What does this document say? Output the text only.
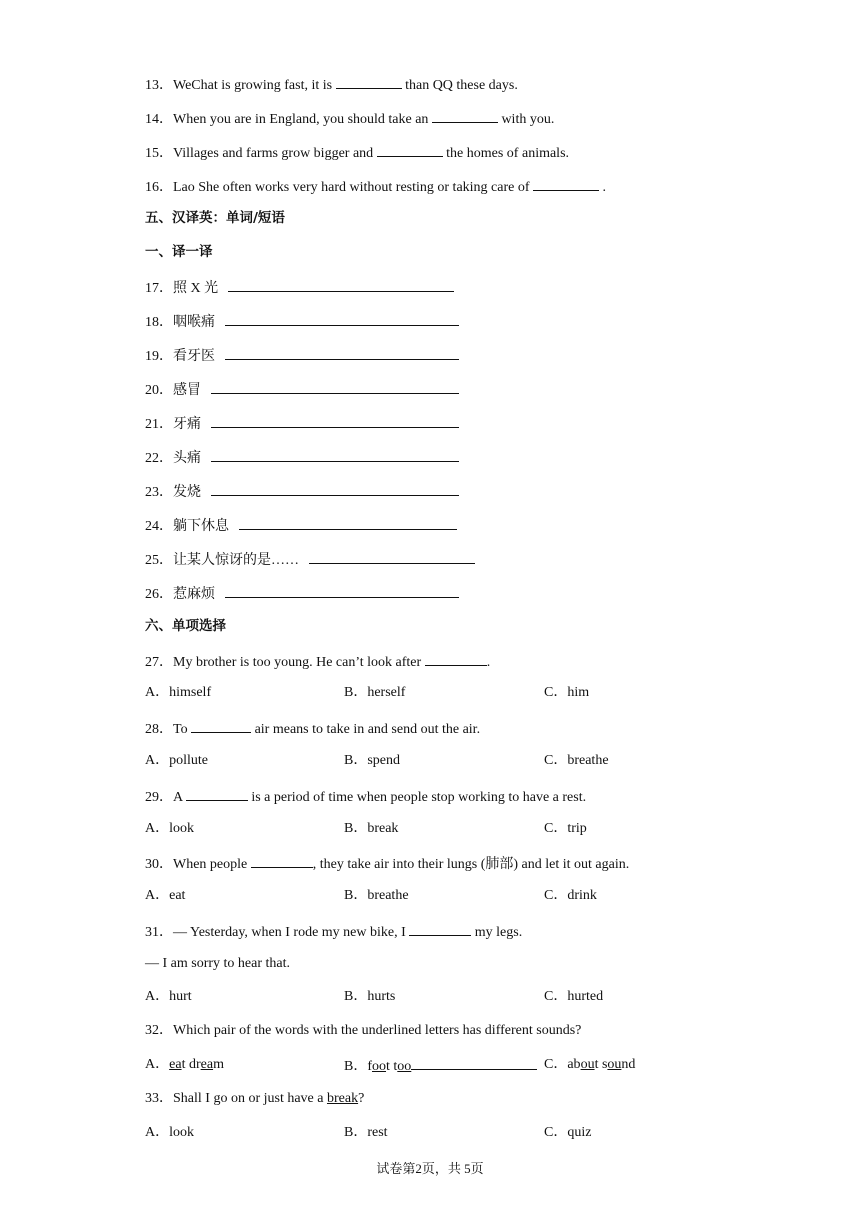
13．WeChat is growing fast, it is	than QQ these days.
14．When you are in England, you should take an	with you.
15．Villages and farms grow bigger and	the homes of animals.
16．Lao She often works very hard without resting or taking care of	.
五、汉译英：单词/短语
一、译一译
17．照 X 光
18．咽喉痛
19．看牙医
20．感冒
21．牙痛
22．头痛
23．发烧
24．躺下休息
25．让某人惊讶的是……
26．惹麻烦
六、单项选择
27．My brother is too young. He can’t look after	.
A．himself	B．herself	C．him
28．To	air means to take in and send out the air.
A．pollute	B．spend	C．breathe
29．A	is a period of time when people stop working to have a rest.
A．look	B．break	C．trip
30．When people	, they take air into their lungs (肺部) and let it out again.
A．eat	B．breathe	C．drink
31．— Yesterday, when I rode my new bike, I	my legs.
— I am sorry to hear that.
A．hurt	B．hurts	C．hurted
32．Which pair of the words with the underlined letters has different sounds?
A．eat dream	B．foot too	C．about sound
33．Shall I go on or just have a break?
A．look	B．rest	C．quiz
试卷第2页，共 5页
